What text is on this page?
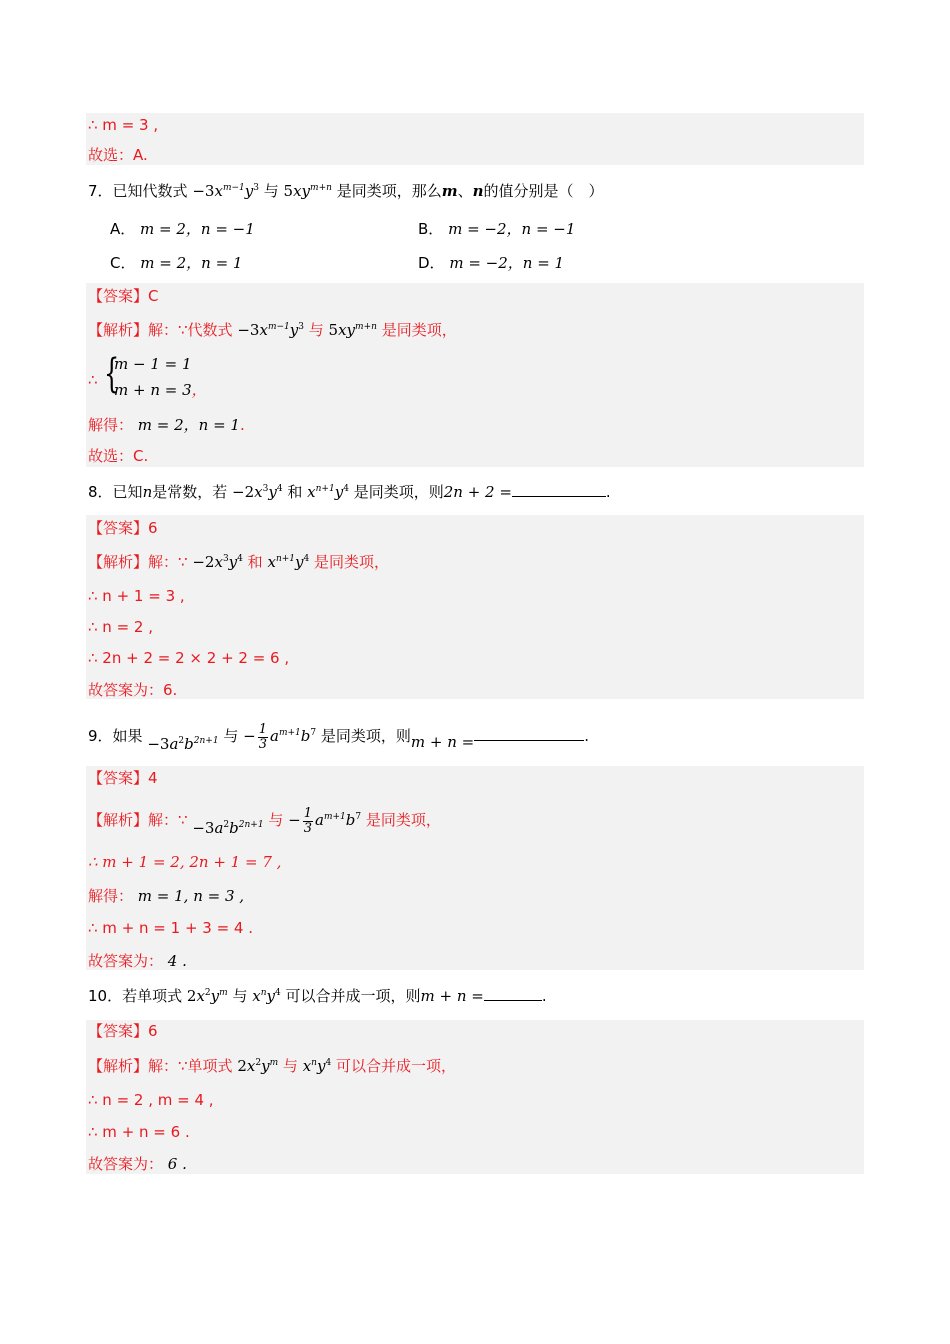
∴ m = 3 ,
故选：A.
7．已知代数式 $-3x^{m-1}y^3$ 与 $5xy^{m+n}$ 是同类项，那么m、n的值分别是（　）
A． m = 2，n = −1	B． m = −2，n = −1
C． m = 2，n = 1	D． m = −2，n = 1
【答案】C
【解析】解：∵代数式 $-3x^{m-1}y^3$ 与 $5xy^{m+n}$ 是同类项，
∴ {
m − 1 = 1
m + n = 3，
解得： m = 2，n = 1.
故选：C.
8．已知n是常数，若 $-2x^3y^4$ 和 $x^{n+1}y^4$ 是同类项，则2n + 2 =	.
【答案】6
【解析】解：∵ $-2x^3y^4$ 和 $x^{n+1}y^4$ 是同类项，
∴ n + 1 = 3 ,
∴ n = 2 ,
∴ 2n + 2 = 2 × 2 + 2 = 6 ,
故答案为：6.
9．如果 $-3a^2b^{2n+1}$ 与 − $\frac{1}{3} a^{m+1}b^7$ 是同类项，则m + n =	.
【答案】4
【解析】解：∵ $-3a^2b^{2n+1}$ 与 − $\frac{1}{3} a^{m+1}b^7$ 是同类项，
∴ m + 1 = 2, 2n + 1 = 7 ,
解得： m = 1, n = 3 ,
∴ m + n = 1 + 3 = 4 .
故答案为： 4 .
10．若单项式 $2x^2y^m$ 与 $x^ny^4$ 可以合并成一项，则m + n =	.
【答案】6
【解析】解：∵单项式 $2x^2y^m$ 与 $x^ny^4$ 可以合并成一项，
∴ n = 2 , m = 4 ,
∴ m + n = 6 .
故答案为： 6 .
